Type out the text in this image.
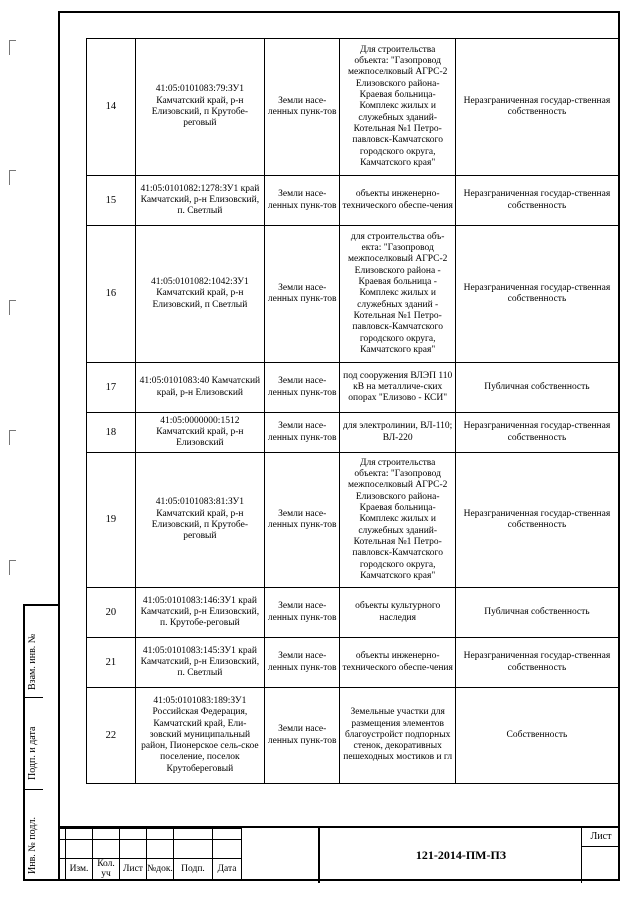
Взам. инв. №
Подп. и дата
Инв. № подл.
14	41:05:0101083:79:ЗУ1 Камчатский край, р-н Елизовский, п Крутобе-реговый	Земли насе-ленных пунк-тов	Для строительства объекта: "Газопровод межпоселковый АГРС-2 Елизовского района-Краевая больница-Комплекс жилых и служебных зданий-Котельная №1 Петро-павловск-Камчатского городского округа, Камчатского края"	Неразграниченная государ-ственная собственность
15	41:05:0101082:1278:ЗУ1 край Камчатский, р-н Елизовский, п. Светлый	Земли насе-ленных пунк-тов	объекты инженерно-технического обеспе-чения	Неразграниченная государ-ственная собственность
16	41:05:0101082:1042:ЗУ1 Камчатский край, р-н Елизовский, п Светлый	Земли насе-ленных пунк-тов	для строительства объ-екта: "Газопровод межпоселковый АГРС-2 Елизовского района - Краевая больница - Комплекс жилых и служебных зданий - Котельная №1 Петро-павловск-Камчатского городского округа, Камчатского края"	Неразграниченная государ-ственная собственность
17	41:05:0101083:40 Камчатский край, р-н Елизовский	Земли насе-ленных пунк-тов	под сооружения ВЛЭП 110 кВ на металличе-ских опорах "Елизово - КСИ"	Публичная собственность
18	41:05:0000000:1512 Камчатский край, р-н Елизовский	Земли насе-ленных пунк-тов	для электролинии, ВЛ-110; ВЛ-220	Неразграниченная государ-ственная собственность
19	41:05:0101083:81:ЗУ1 Камчатский край, р-н Елизовский, п Крутобе-реговый	Земли насе-ленных пунк-тов	Для строительства объекта: "Газопровод межпоселковый АГРС-2 Елизовского района-Краевая больница-Комплекс жилых и служебных зданий-Котельная №1 Петро-павловск-Камчатского городского округа, Камчатского края"	Неразграниченная государ-ственная собственность
20	41:05:0101083:146:ЗУ1 край Камчатский, р-н Елизовский, п. Крутобе-реговый	Земли насе-ленных пунк-тов	объекты культурного наследия	Публичная собственность
21	41:05:0101083:145:ЗУ1 край Камчатский, р-н Елизовский, п. Светлый	Земли насе-ленных пунк-тов	объекты инженерно-технического обеспе-чения	Неразграниченная государ-ственная собственность
22	41:05:0101083:189:ЗУ1 Российская Федерация, Камчатский край, Ели-зовский муниципальный район, Пионерское сель-ское поселение, поселок Крутобереговый	Земли насе-ленных пунк-тов	Земельные участки для размещения элементов благоустройст подпорных стенок, декоративных пешеходных мостиков и гл	Собственность

	Изм.	Кол. уч	Лист	№док.	Подп.	Дата
121-2014-ПМ-ПЗ
Лист
